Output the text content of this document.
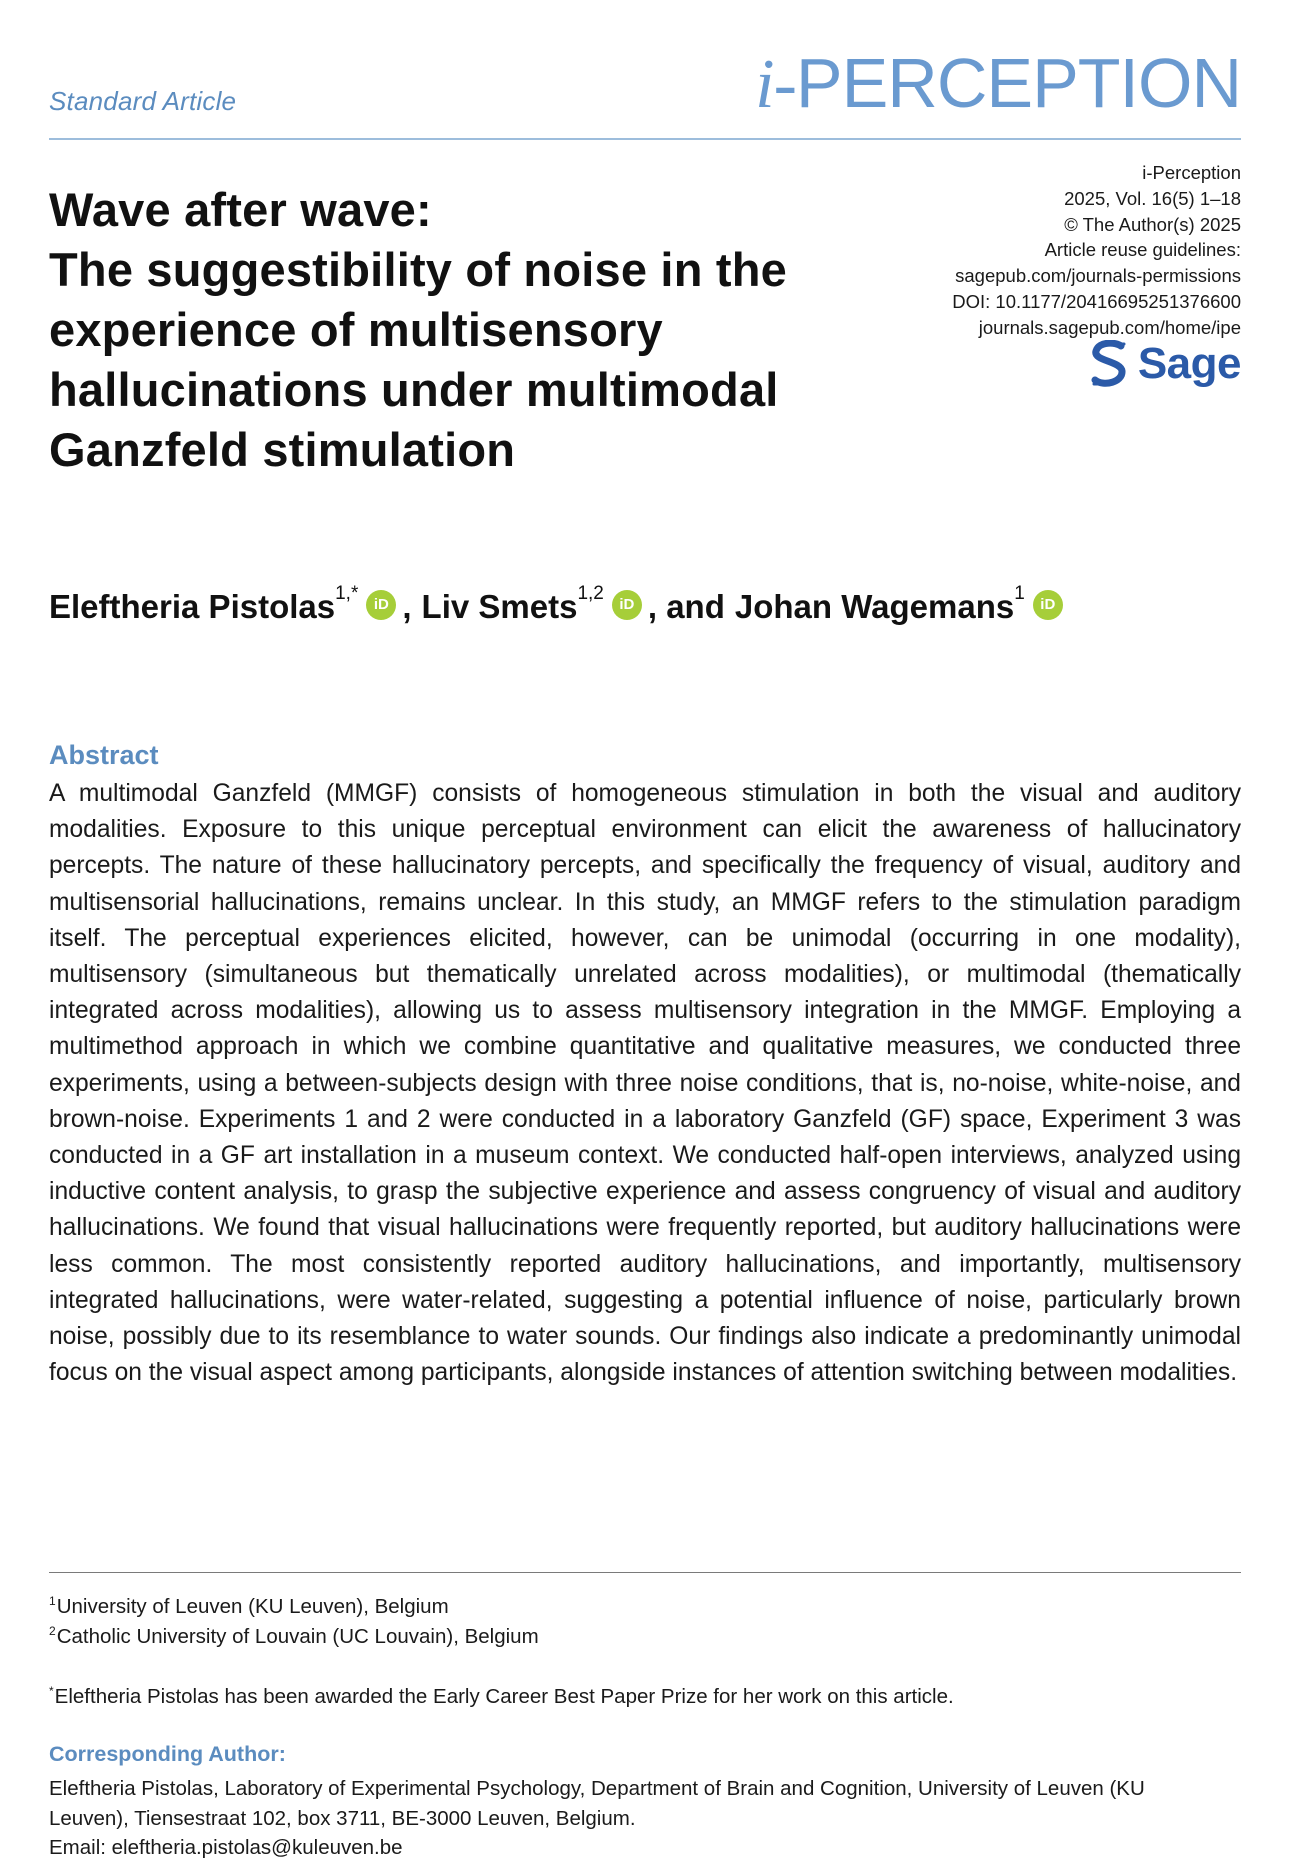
Standard Article	i-PERCEPTION
Wave after wave:
The suggestibility of noise in the
experience of multisensory
hallucinations under multimodal
Ganzfeld stimulation
i-Perception
2025, Vol. 16(5) 1–18
© The Author(s) 2025
Article reuse guidelines:
sagepub.com/journals-permissions
DOI: 10.1177/20416695251376600
journals.sagepub.com/home/ipe
Sage
Eleftheria Pistolas$^{1,*}$
iD , Liv Smets$^{1,2}$
iD , and Johan Wagemans$^1$
iD
Abstract

A multimodal Ganzfeld (MMGF) consists of homogeneous stimulation in both the visual and auditory modalities. Exposure to this unique perceptual environment can elicit the awareness of hallucinatory percepts. The nature of these hallucinatory percepts, and specifically the frequency of visual, auditory and multisensorial hallucinations, remains unclear. In this study, an MMGF refers to the stimulation paradigm itself. The perceptual experiences elicited, however, can be unimodal (occurring in one modality), multisensory (simultaneous but thematically unrelated across modalities), or multimodal (thematically integrated across modalities), allowing us to assess multisensory integration in the MMGF. Employing a multimethod approach in which we combine quantitative and qualitative measures, we conducted three experiments, using a between-subjects design with three noise conditions, that is, no-noise, white-noise, and brown-noise. Experiments 1 and 2 were conducted in a laboratory Ganzfeld (GF) space, Experiment 3 was conducted in a GF art installation in a museum context. We conducted half-open interviews, analyzed using inductive content analysis, to grasp the subjective experience and assess congruency of visual and auditory hallucinations. We found that visual hallucinations were frequently reported, but auditory hallucinations were less common. The most consistently reported auditory hallucinations, and importantly, multisensory integrated hallucinations, were water-related, suggesting a potential influence of noise, particularly brown noise, possibly due to its resemblance to water sounds. Our findings also indicate a predominantly unimodal focus on the visual aspect among participants, alongside instances of attention switching between modalities.

$^1$University of Leuven (KU Leuven), Belgium
$^2$Catholic University of Louvain (UC Louvain), Belgium
*Eleftheria Pistolas has been awarded the Early Career Best Paper Prize for her work on this article.
Corresponding Author:
Eleftheria Pistolas, Laboratory of Experimental Psychology, Department of Brain and Cognition, University of Leuven (KU
Leuven), Tiensestraat 102, box 3711, BE-3000 Leuven, Belgium.
Email: eleftheria.pistolas@kuleuven.be
